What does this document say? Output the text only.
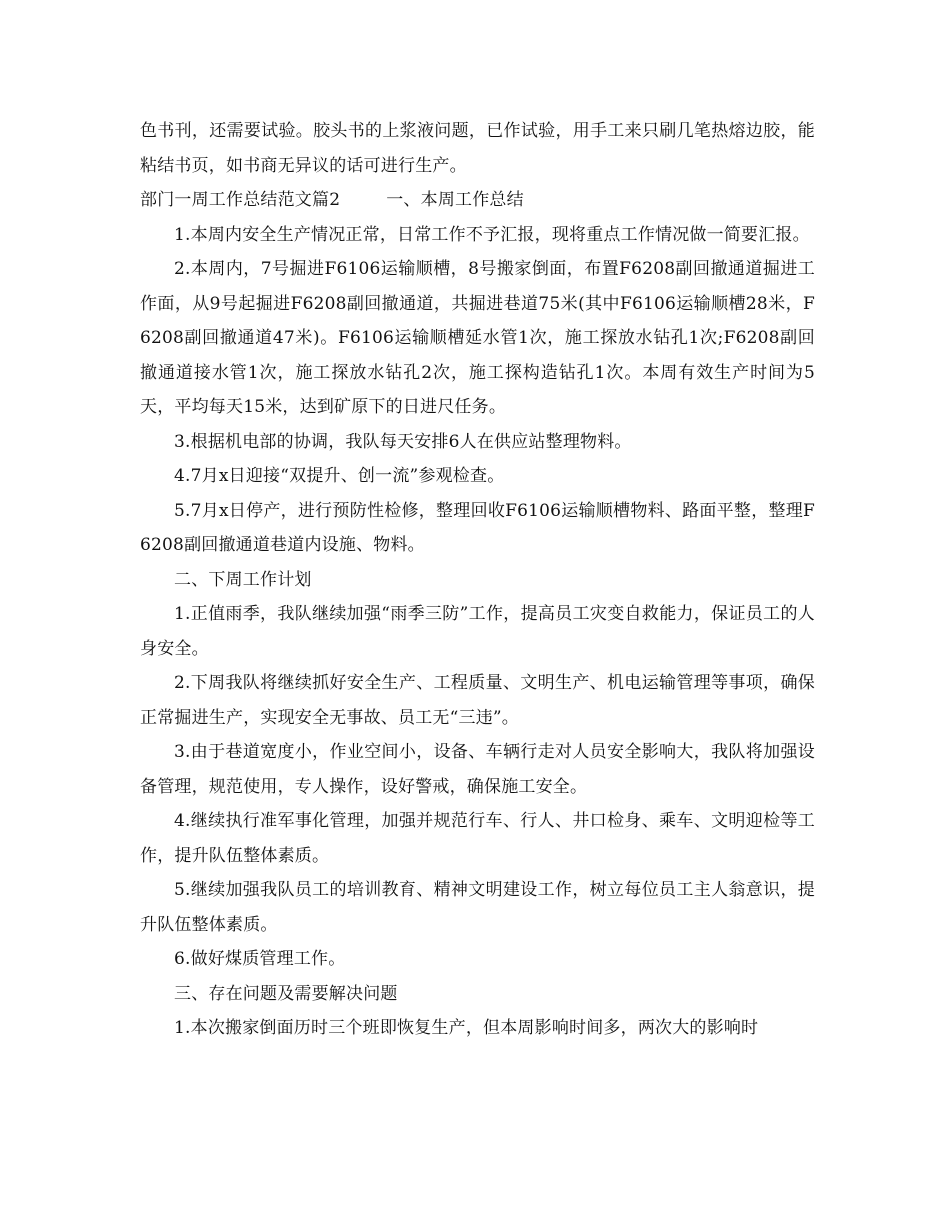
色书刊，还需要试验。胶头书的上浆液问题，已作试验，用手工来只刷几笔热熔边胶，能粘结书页，如书商无异议的话可进行生产。

部门一周工作总结范文篇2	一、本周工作总结

1.本周内安全生产情况正常，日常工作不予汇报，现将重点工作情况做一简要汇报。

2.本周内，7号掘进F6106运输顺槽，8号搬家倒面，布置F6208副回撤通道掘进工作面，从9号起掘进F6208副回撤通道，共掘进巷道75米(其中F6106运输顺槽28米，F6208副回撤通道47米)。F6106运输顺槽延水管1次，施工探放水钻孔1次;F6208副回撤通道接水管1次，施工探放水钻孔2次，施工探构造钻孔1次。本周有效生产时间为5天，平均每天15米，达到矿原下的日进尺任务。

3.根据机电部的协调，我队每天安排6人在供应站整理物料。

4.7月x日迎接“双提升、创一流”参观检查。

5.7月x日停产，进行预防性检修，整理回收F6106运输顺槽物料、路面平整，整理F6208副回撤通道巷道内设施、物料。

二、下周工作计划

1.正值雨季，我队继续加强“雨季三防”工作，提高员工灾变自救能力，保证员工的人身安全。

2.下周我队将继续抓好安全生产、工程质量、文明生产、机电运输管理等事项，确保正常掘进生产，实现安全无事故、员工无“三违”。

3.由于巷道宽度小，作业空间小，设备、车辆行走对人员安全影响大，我队将加强设备管理，规范使用，专人操作，设好警戒，确保施工安全。

4.继续执行准军事化管理，加强并规范行车、行人、井口检身、乘车、文明迎检等工作，提升队伍整体素质。

5.继续加强我队员工的培训教育、精神文明建设工作，树立每位员工主人翁意识，提升队伍整体素质。

6.做好煤质管理工作。

三、存在问题及需要解决问题

1.本次搬家倒面历时三个班即恢复生产，但本周影响时间多，两次大的影响时
